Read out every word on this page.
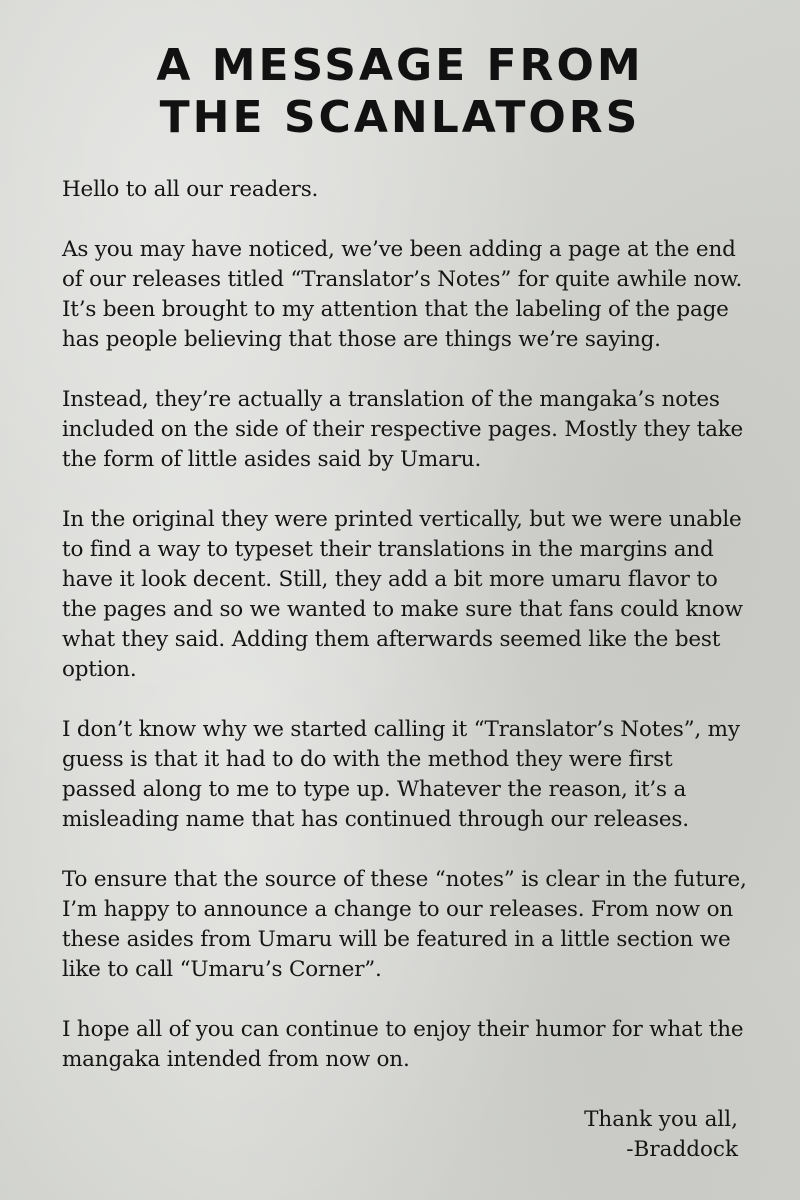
A MESSAGE FROM
THE SCANLATORS

Hello to all our readers.

As you may have noticed, we’ve been adding a page at the end of our releases titled “Translator’s Notes” for quite awhile now. It’s been brought to my attention that the labeling of the page has people believing that those are things we’re saying.

Instead, they’re actually a translation of the mangaka’s notes included on the side of their respective pages. Mostly they take the form of little asides said by Umaru.

In the original they were printed vertically, but we were unable to find a way to typeset their translations in the margins and have it look decent. Still, they add a bit more umaru flavor to the pages and so we wanted to make sure that fans could know what they said. Adding them afterwards seemed like the best option.

I don’t know why we started calling it “Translator’s Notes”, my guess is that it had to do with the method they were first passed along to me to type up. Whatever the reason, it’s a misleading name that has continued through our releases.

To ensure that the source of these “notes” is clear in the future, I’m happy to announce a change to our releases. From now on these asides from Umaru will be featured in a little section we like to call “Umaru’s Corner”.

I hope all of you can continue to enjoy their humor for what the mangaka intended from now on.

Thank you all,
-Braddock
